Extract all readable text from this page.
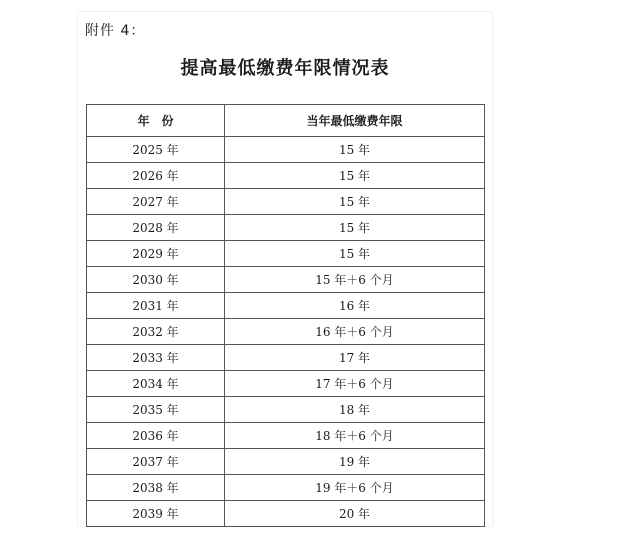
附件 4：
提高最低缴费年限情况表
年　份	当年最低缴费年限
2025 年	15 年
2026 年	15 年
2027 年	15 年
2028 年	15 年
2029 年	15 年
2030 年	15 年＋6 个月
2031 年	16 年
2032 年	16 年＋6 个月
2033 年	17 年
2034 年	17 年＋6 个月
2035 年	18 年
2036 年	18 年＋6 个月
2037 年	19 年
2038 年	19 年＋6 个月
2039 年	20 年
